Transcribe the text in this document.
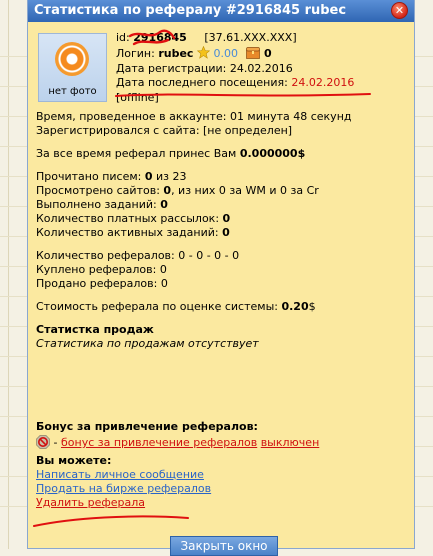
Статистика по рефералу #2916845 rubec	✕
нет фото
id: 2916845 [37.61.XXX.XXX]
Логин: rubec 0.00 0
Дата регистрации: 24.02.2016
Дата последнего посещения: 24.02.2016
[offline]
Время, проведенное в аккаунте: 01 минута 48 секунд
Зарегистрировался с сайта: [не определен]
За все время реферал принес Вам 0.000000$
Прочитано писем: 0 из 23
Просмотрено сайтов: 0, из них 0 за WM и 0 за Cr
Выполнено заданий: 0
Количество платных рассылок: 0
Количество активных заданий: 0
Количество рефералов: 0 - 0 - 0 - 0
Куплено рефералов: 0
Продано рефералов: 0
Стоимость реферала по оценке системы: 0.20$
Статистка продаж
Статистика по продажам отсутствует
Бонус за привлечение рефералов:
- бонус за привлечение рефералов выключен
Вы можете:
Написать личное сообщение
Продать на бирже рефералов
Удалить реферала
Закрыть окно
